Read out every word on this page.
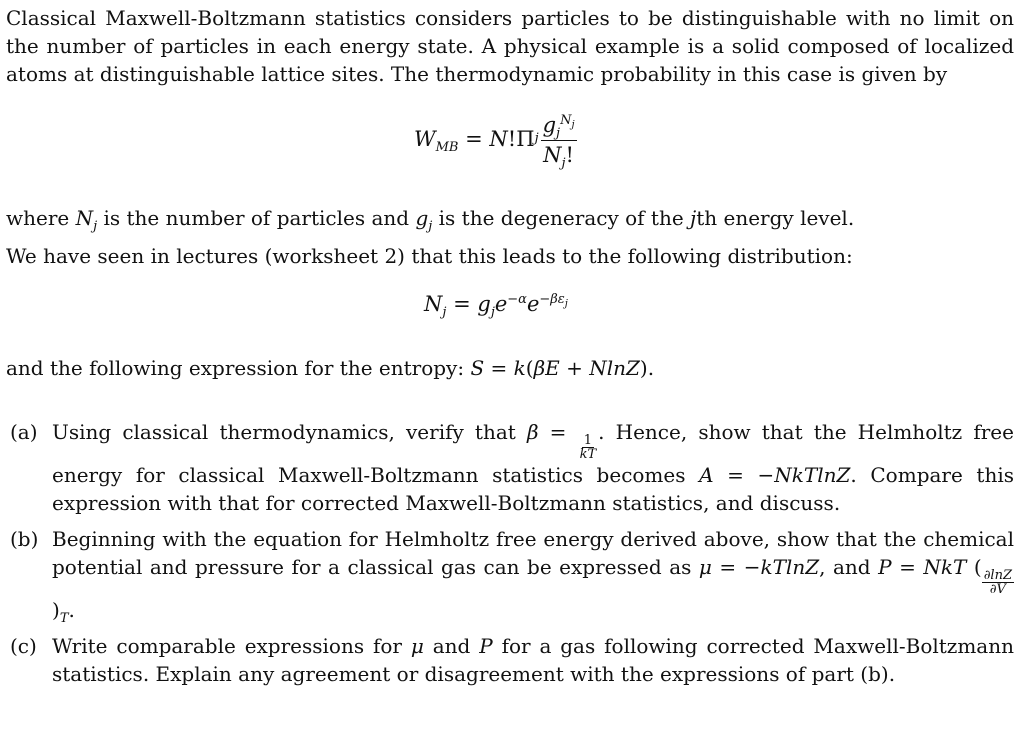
Classical Maxwell-Boltzmann statistics considers particles to be distinguishable with no limit on the number of particles in each energy state. A physical example is a solid composed of localized atoms at distinguishable lattice sites. The thermodynamic probability in this case is given by

$W_{MB} = N$ !Π j $\frac{g_j^{N_j}}{N_j!}$

where $N_j$ is the number of particles and $g_j$ is the degeneracy of the jth energy level.

We have seen in lectures (worksheet 2) that this leads to the following distribution:

$N_j = g_je^{-\alpha}e^{-\beta\varepsilon_j}$

and the following expression for the entropy: S = k(βE + NlnZ).

(a) Using classical thermodynamics, verify that β =
$\frac{1}{kT}$
. Hence, show that the Helmholtz free energy for classical Maxwell-Boltzmann statistics becomes A = −NkTlnZ. Compare this expression with that for corrected Maxwell-Boltzmann statistics, and discuss.
(b) Beginning with the equation for Helmholtz free energy derived above, show that the chemical potential and pressure for a classical gas can be expressed as μ = −kTlnZ, and P = NkT (
$\frac{\partial\ln Z}{\partial V}$
)$_T$.
(c) Write comparable expressions for μ and P for a gas following corrected Maxwell-Boltzmann statistics. Explain any agreement or disagreement with the expressions of part (b).
